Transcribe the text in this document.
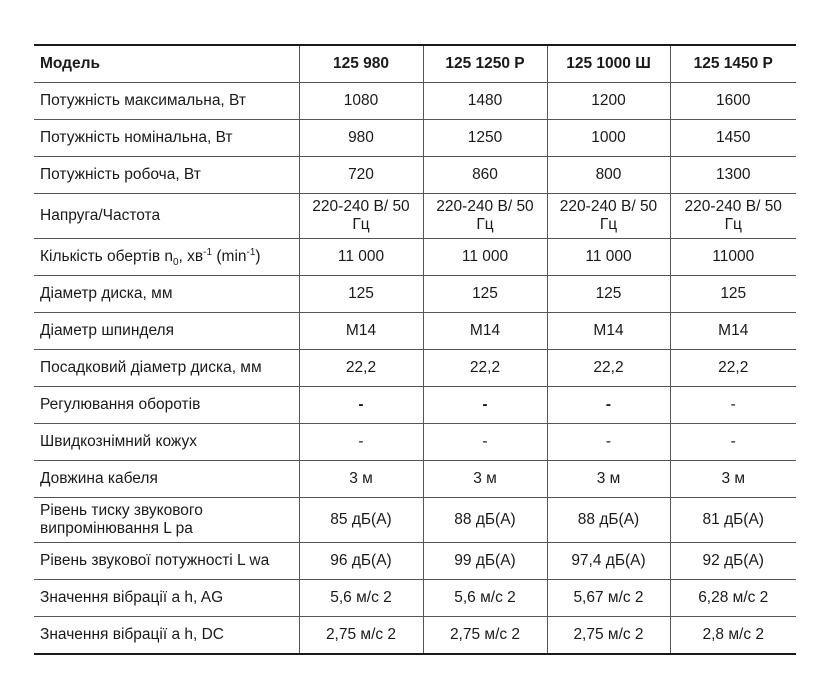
Модель	125 980	125 1250 Р	125 1000 Ш	125 1450 Р
Потужність максимальна, Вт	1080	1480	1200	1600
Потужність номінальна, Вт	980	1250	1000	1450
Потужність робоча, Вт	720	860	800	1300
Напруга/Частота	220-240 В/ 50 Гц	220-240 В/ 50 Гц	220-240 В/ 50 Гц	220-240 В/ 50 Гц
Кількість обертів $n_0$, $хв^{-1}$ $(\min^{-1})$	11 000	11 000	11 000	11000
Діаметр диска, мм	125	125	125	125
Діаметр шпинделя	M14	M14	M14	M14
Посадковий діаметр диска, мм	22,2	22,2	22,2	22,2
Регулювання оборотів	-	-	-	-
Швидкознімний кожух	-	-	-	-
Довжина кабеля	3 м	3 м	3 м	3 м
Рівень тиску звукового випромінювання L pa	85 дБ(А)	88 дБ(А)	88 дБ(А)	81 дБ(А)
Рівень звукової потужності L wa	96 дБ(А)	99 дБ(А)	97,4 дБ(А)	92 дБ(А)
Значення вібрації a h, AG	5,6 м/с 2	5,6 м/с 2	5,67 м/с 2	6,28 м/с 2
Значення вібрації a h, DC	2,75 м/с 2	2,75 м/с 2	2,75 м/с 2	2,8 м/с 2
